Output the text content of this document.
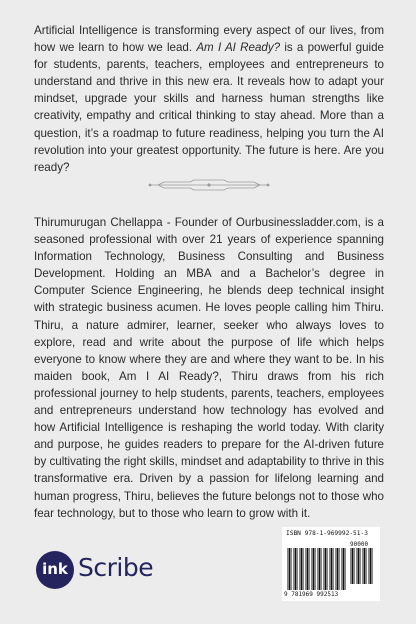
Artificial Intelligence is transforming every aspect of our lives, from how we learn to how we lead. Am I AI Ready? is a powerful guide for students, parents, teachers, employees and entrepreneurs to understand and thrive in this new era. It reveals how to adapt your mindset, upgrade your skills and harness human strengths like creativity, empathy and critical thinking to stay ahead. More than a question, it’s a roadmap to future readiness, helping you turn the AI revolution into your greatest opportunity. The future is here. Are you ready?

Thirumurugan Chellappa - Founder of Ourbusinessladder.com, is a seasoned professional with over 21 years of experience spanning Information Technology, Business Consulting and Business Development. Holding an MBA and a Bachelor’s degree in Computer Science Engineering, he blends deep technical insight with strategic business acumen. He loves people calling him Thiru. Thiru, a nature admirer, learner, seeker who always loves to explore, read and write about the purpose of life which helps everyone to know where they are and where they want to be. In his maiden book, Am I AI Ready?, Thiru draws from his rich professional journey to help students, parents, teachers, employees and entrepreneurs understand how technology has evolved and how Artificial Intelligence is reshaping the world today. With clarity and purpose, he guides readers to prepare for the AI-driven future by cultivating the right skills, mindset and adaptability to thrive in this transformative era. Driven by a passion for lifelong learning and human progress, Thiru, believes the future belongs not to those who fear technology, but to those who learn to grow with it.

ink Scribe
ISBN 978-1-969992-51-3
90000
9 781969 992513
